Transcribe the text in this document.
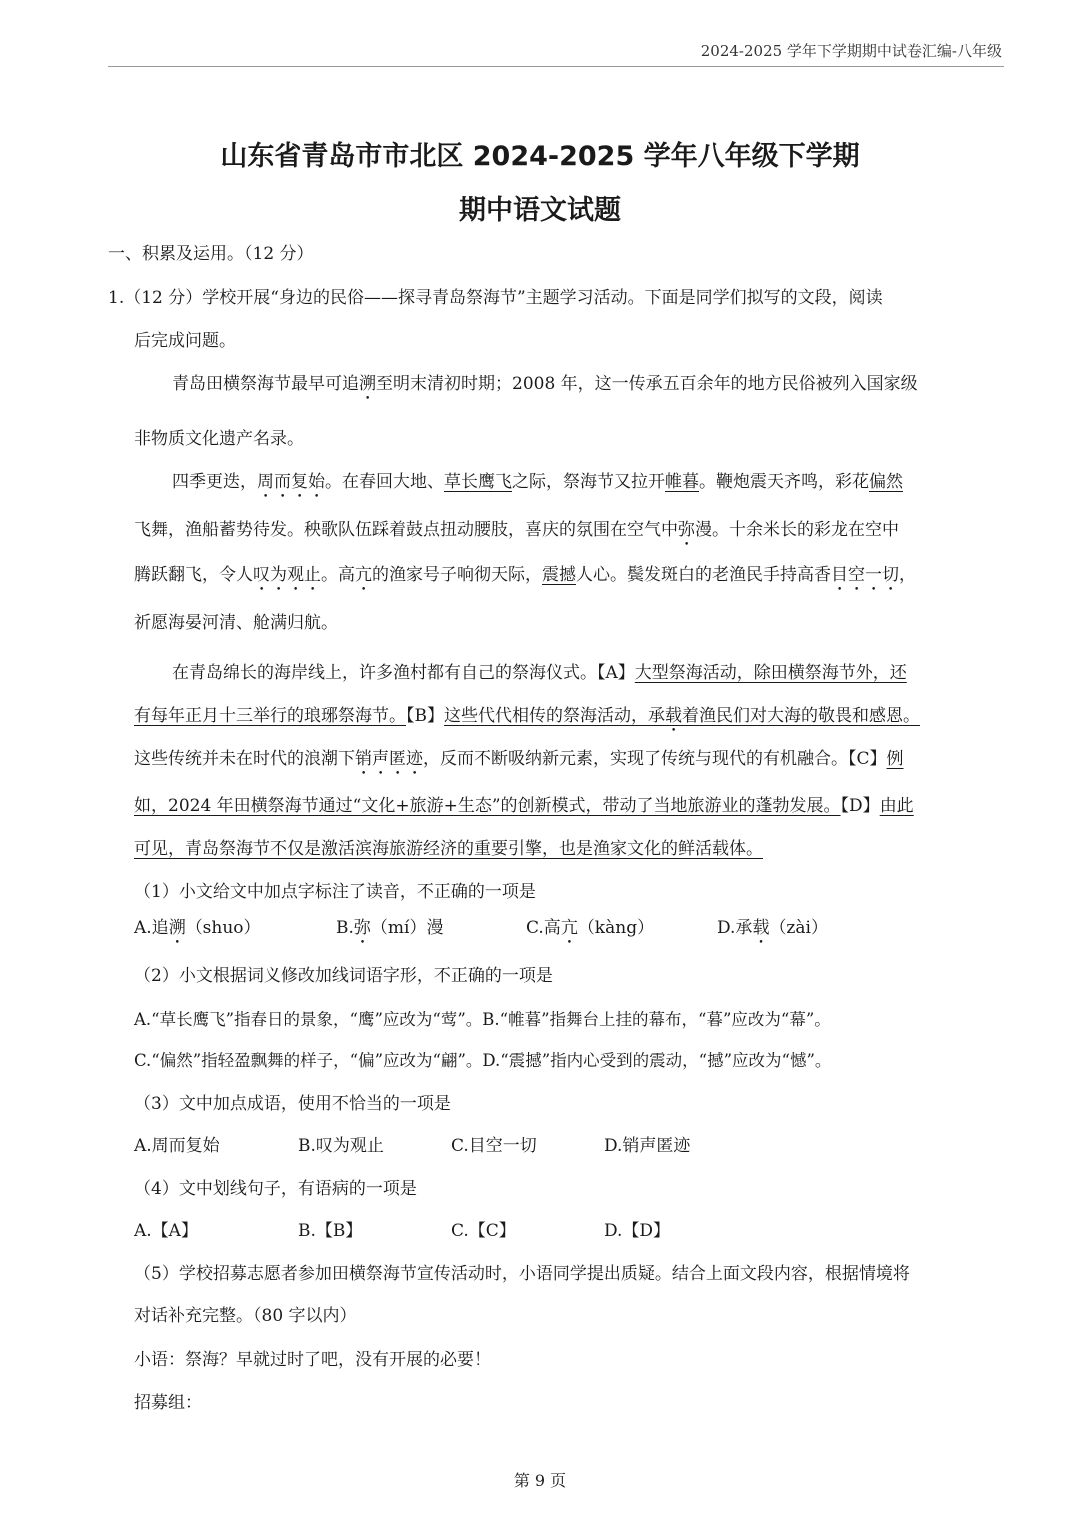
2024-2025 学年下学期期中试卷汇编-八年级
山东省青岛市市北区 2024-2025 学年八年级下学期
期中语文试题
一、积累及运用。（12 分）
1.（12 分）学校开展“身边的民俗——探寻青岛祭海节”主题学习活动。下面是同学们拟写的文段，阅读
后完成问题。
青岛田横祭海节最早可追溯至明末清初时期；2008 年，这一传承五百余年的地方民俗被列入国家级
非物质文化遗产名录。
四季更迭，周而复始。在春回大地、草长鹰飞之际，祭海节又拉开帷暮。鞭炮震天齐鸣，彩花偏然
飞舞，渔船蓄势待发。秧歌队伍踩着鼓点扭动腰肢，喜庆的氛围在空气中弥漫。十余米长的彩龙在空中
腾跃翻飞，令人叹为观止。高亢的渔家号子响彻天际，震撼人心。鬓发斑白的老渔民手持高香目空一切，
祈愿海晏河清、舱满归航。
在青岛绵长的海岸线上，许多渔村都有自己的祭海仪式。【A】大型祭海活动，除田横祭海节外，还
有每年正月十三举行的琅琊祭海节。【B】这些代代相传的祭海活动，承载着渔民们对大海的敬畏和感恩。
这些传统并未在时代的浪潮下销声匿迹，反而不断吸纳新元素，实现了传统与现代的有机融合。【C】例
如，2024 年田横祭海节通过“文化+旅游+生态”的创新模式，带动了当地旅游业的蓬勃发展。【D】由此
可见，青岛祭海节不仅是激活滨海旅游经济的重要引擎，也是渔家文化的鲜活载体。
（1）小文给文中加点字标注了读音，不正确的一项是
A.追溯（shuo）	B.弥（mí）漫	C.高亢（kàng）	D.承载（zài）
（2）小文根据词义修改加线词语字形，不正确的一项是
A.“草长鹰飞”指春日的景象，“鹰”应改为“莺”。B.“帷暮”指舞台上挂的幕布，“暮”应改为“幕”。
C.“偏然”指轻盈飘舞的样子，“偏”应改为“翩”。D.“震撼”指内心受到的震动，“撼”应改为“憾”。
（3）文中加点成语，使用不恰当的一项是
A.周而复始	B.叹为观止	C.目空一切	D.销声匿迹
（4）文中划线句子，有语病的一项是
A.【A】	B.【B】	C.【C】	D.【D】
（5）学校招募志愿者参加田横祭海节宣传活动时，小语同学提出质疑。结合上面文段内容，根据情境将
对话补充完整。（80 字以内）
小语：祭海？早就过时了吧，没有开展的必要！
招募组：
第 9 页
